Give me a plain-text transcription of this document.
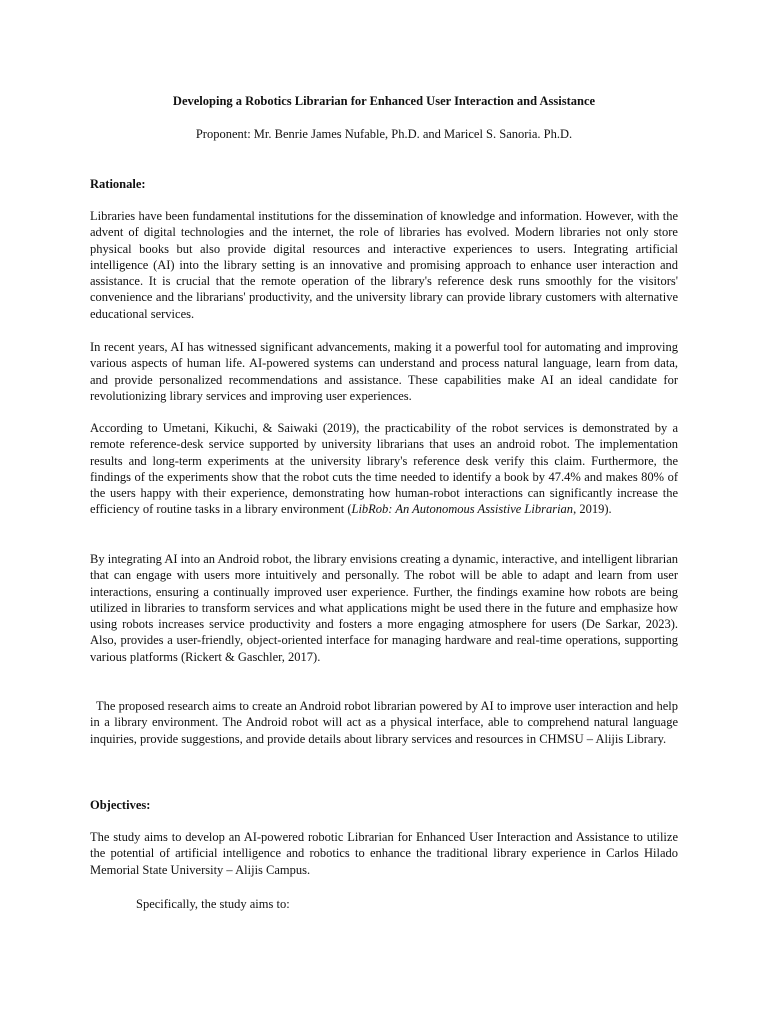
Developing a Robotics Librarian for Enhanced User Interaction and Assistance
Proponent: Mr. Benrie James Nufable, Ph.D. and Maricel S. Sanoria. Ph.D.
Rationale:
Libraries have been fundamental institutions for the dissemination of knowledge and information. However, with the advent of digital technologies and the internet, the role of libraries has evolved. Modern libraries not only store physical books but also provide digital resources and interactive experiences to users. Integrating artificial intelligence (AI) into the library setting is an innovative and promising approach to enhance user interaction and assistance. It is crucial that the remote operation of the library's reference desk runs smoothly for the visitors' convenience and the librarians' productivity, and the university library can provide library customers with alternative educational services.
In recent years, AI has witnessed significant advancements, making it a powerful tool for automating and improving various aspects of human life. AI-powered systems can understand and process natural language, learn from data, and provide personalized recommendations and assistance. These capabilities make AI an ideal candidate for revolutionizing library services and improving user experiences.
According to Umetani, Kikuchi, & Saiwaki (2019), the practicability of the robot services is demonstrated by a remote reference-desk service supported by university librarians that uses an android robot. The implementation results and long-term experiments at the university library's reference desk verify this claim. Furthermore, the findings of the experiments show that the robot cuts the time needed to identify a book by 47.4% and makes 80% of the users happy with their experience, demonstrating how human-robot interactions can significantly increase the efficiency of routine tasks in a library environment (LibRob: An Autonomous Assistive Librarian, 2019).
By integrating AI into an Android robot, the library envisions creating a dynamic, interactive, and intelligent librarian that can engage with users more intuitively and personally. The robot will be able to adapt and learn from user interactions, ensuring a continually improved user experience. Further, the findings examine how robots are being utilized in libraries to transform services and what applications might be used there in the future and emphasize how using robots increases service productivity and fosters a more engaging atmosphere for users (De Sarkar, 2023). Also, provides a user-friendly, object-oriented interface for managing hardware and real-time operations, supporting various platforms (Rickert & Gaschler, 2017).
The proposed research aims to create an Android robot librarian powered by AI to improve user interaction and help in a library environment. The Android robot will act as a physical interface, able to comprehend natural language inquiries, provide suggestions, and provide details about library services and resources in CHMSU – Alijis Library.
Objectives:
The study aims to develop an AI-powered robotic Librarian for Enhanced User Interaction and Assistance to utilize the potential of artificial intelligence and robotics to enhance the traditional library experience in Carlos Hilado Memorial State University – Alijis Campus.
Specifically, the study aims to:
